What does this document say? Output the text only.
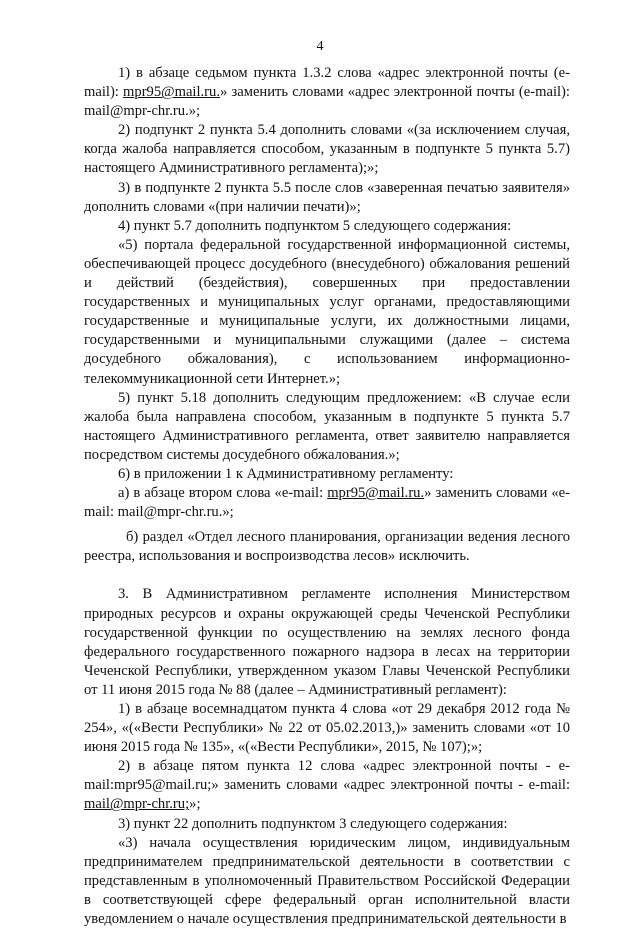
4

1) в абзаце седьмом пункта 1.3.2 слова «адрес электронной почты (e-mail): mpr95@mail.ru.» заменить словами «адрес электронной почты (e-mail): mail@mpr-chr.ru.»;

2) подпункт 2 пункта 5.4 дополнить словами «(за исключением случая, когда жалоба направляется способом, указанным в подпункте 5 пункта 5.7) настоящего Административного регламента);»;

3) в подпункте 2 пункта 5.5 после слов «заверенная печатью заявителя» дополнить словами «(при наличии печати)»;

4) пункт 5.7 дополнить подпунктом 5 следующего содержания:

«5) портала федеральной государственной информационной системы, обеспечивающей процесс досудебного (внесудебного) обжалования решений и действий (бездействия), совершенных при предоставлении государственных и муниципальных услуг органами, предоставляющими государственные и муниципальные услуги, их должностными лицами, государственными и муниципальными служащими (далее – система досудебного обжалования), с использованием информационно-телекоммуникационной сети Интернет.»;

5) пункт 5.18 дополнить следующим предложением: «В случае если жалоба была направлена способом, указанным в подпункте 5 пункта 5.7 настоящего Административного регламента, ответ заявителю направляется посредством системы досудебного обжалования.»;

6) в приложении 1 к Административному регламенту:

а) в абзаце втором слова «e-mail: mpr95@mail.ru.» заменить словами «e-mail: mail@mpr-chr.ru.»;

б) раздел «Отдел лесного планирования, организации ведения лесного реестра, использования и воспроизводства лесов» исключить.

3. В Административном регламенте исполнения Министерством природных ресурсов и охраны окружающей среды Чеченской Республики государственной функции по осуществлению на землях лесного фонда федерального государственного пожарного надзора в лесах на территории Чеченской Республики, утвержденном указом Главы Чеченской Республики от 11 июня 2015 года № 88 (далее – Административный регламент):

1) в абзаце восемнадцатом пункта 4 слова «от 29 декабря 2012 года № 254», «(«Вести Республики» № 22 от 05.02.2013,)» заменить словами «от 10 июня 2015 года № 135», «(«Вести Республики», 2015, № 107);»;

2) в абзаце пятом пункта 12 слова «адрес электронной почты - e-mail:mpr95@mail.ru;» заменить словами «адрес электронной почты - e-mail: mail@mpr-chr.ru;»;

3) пункт 22 дополнить подпунктом 3 следующего содержания:

«3) начала осуществления юридическим лицом, индивидуальным предпринимателем предпринимательской деятельности в соответствии с представленным в уполномоченный Правительством Российской Федерации в соответствующей сфере федеральный орган исполнительной власти уведомлением о начале осуществления предпринимательской деятельности в
